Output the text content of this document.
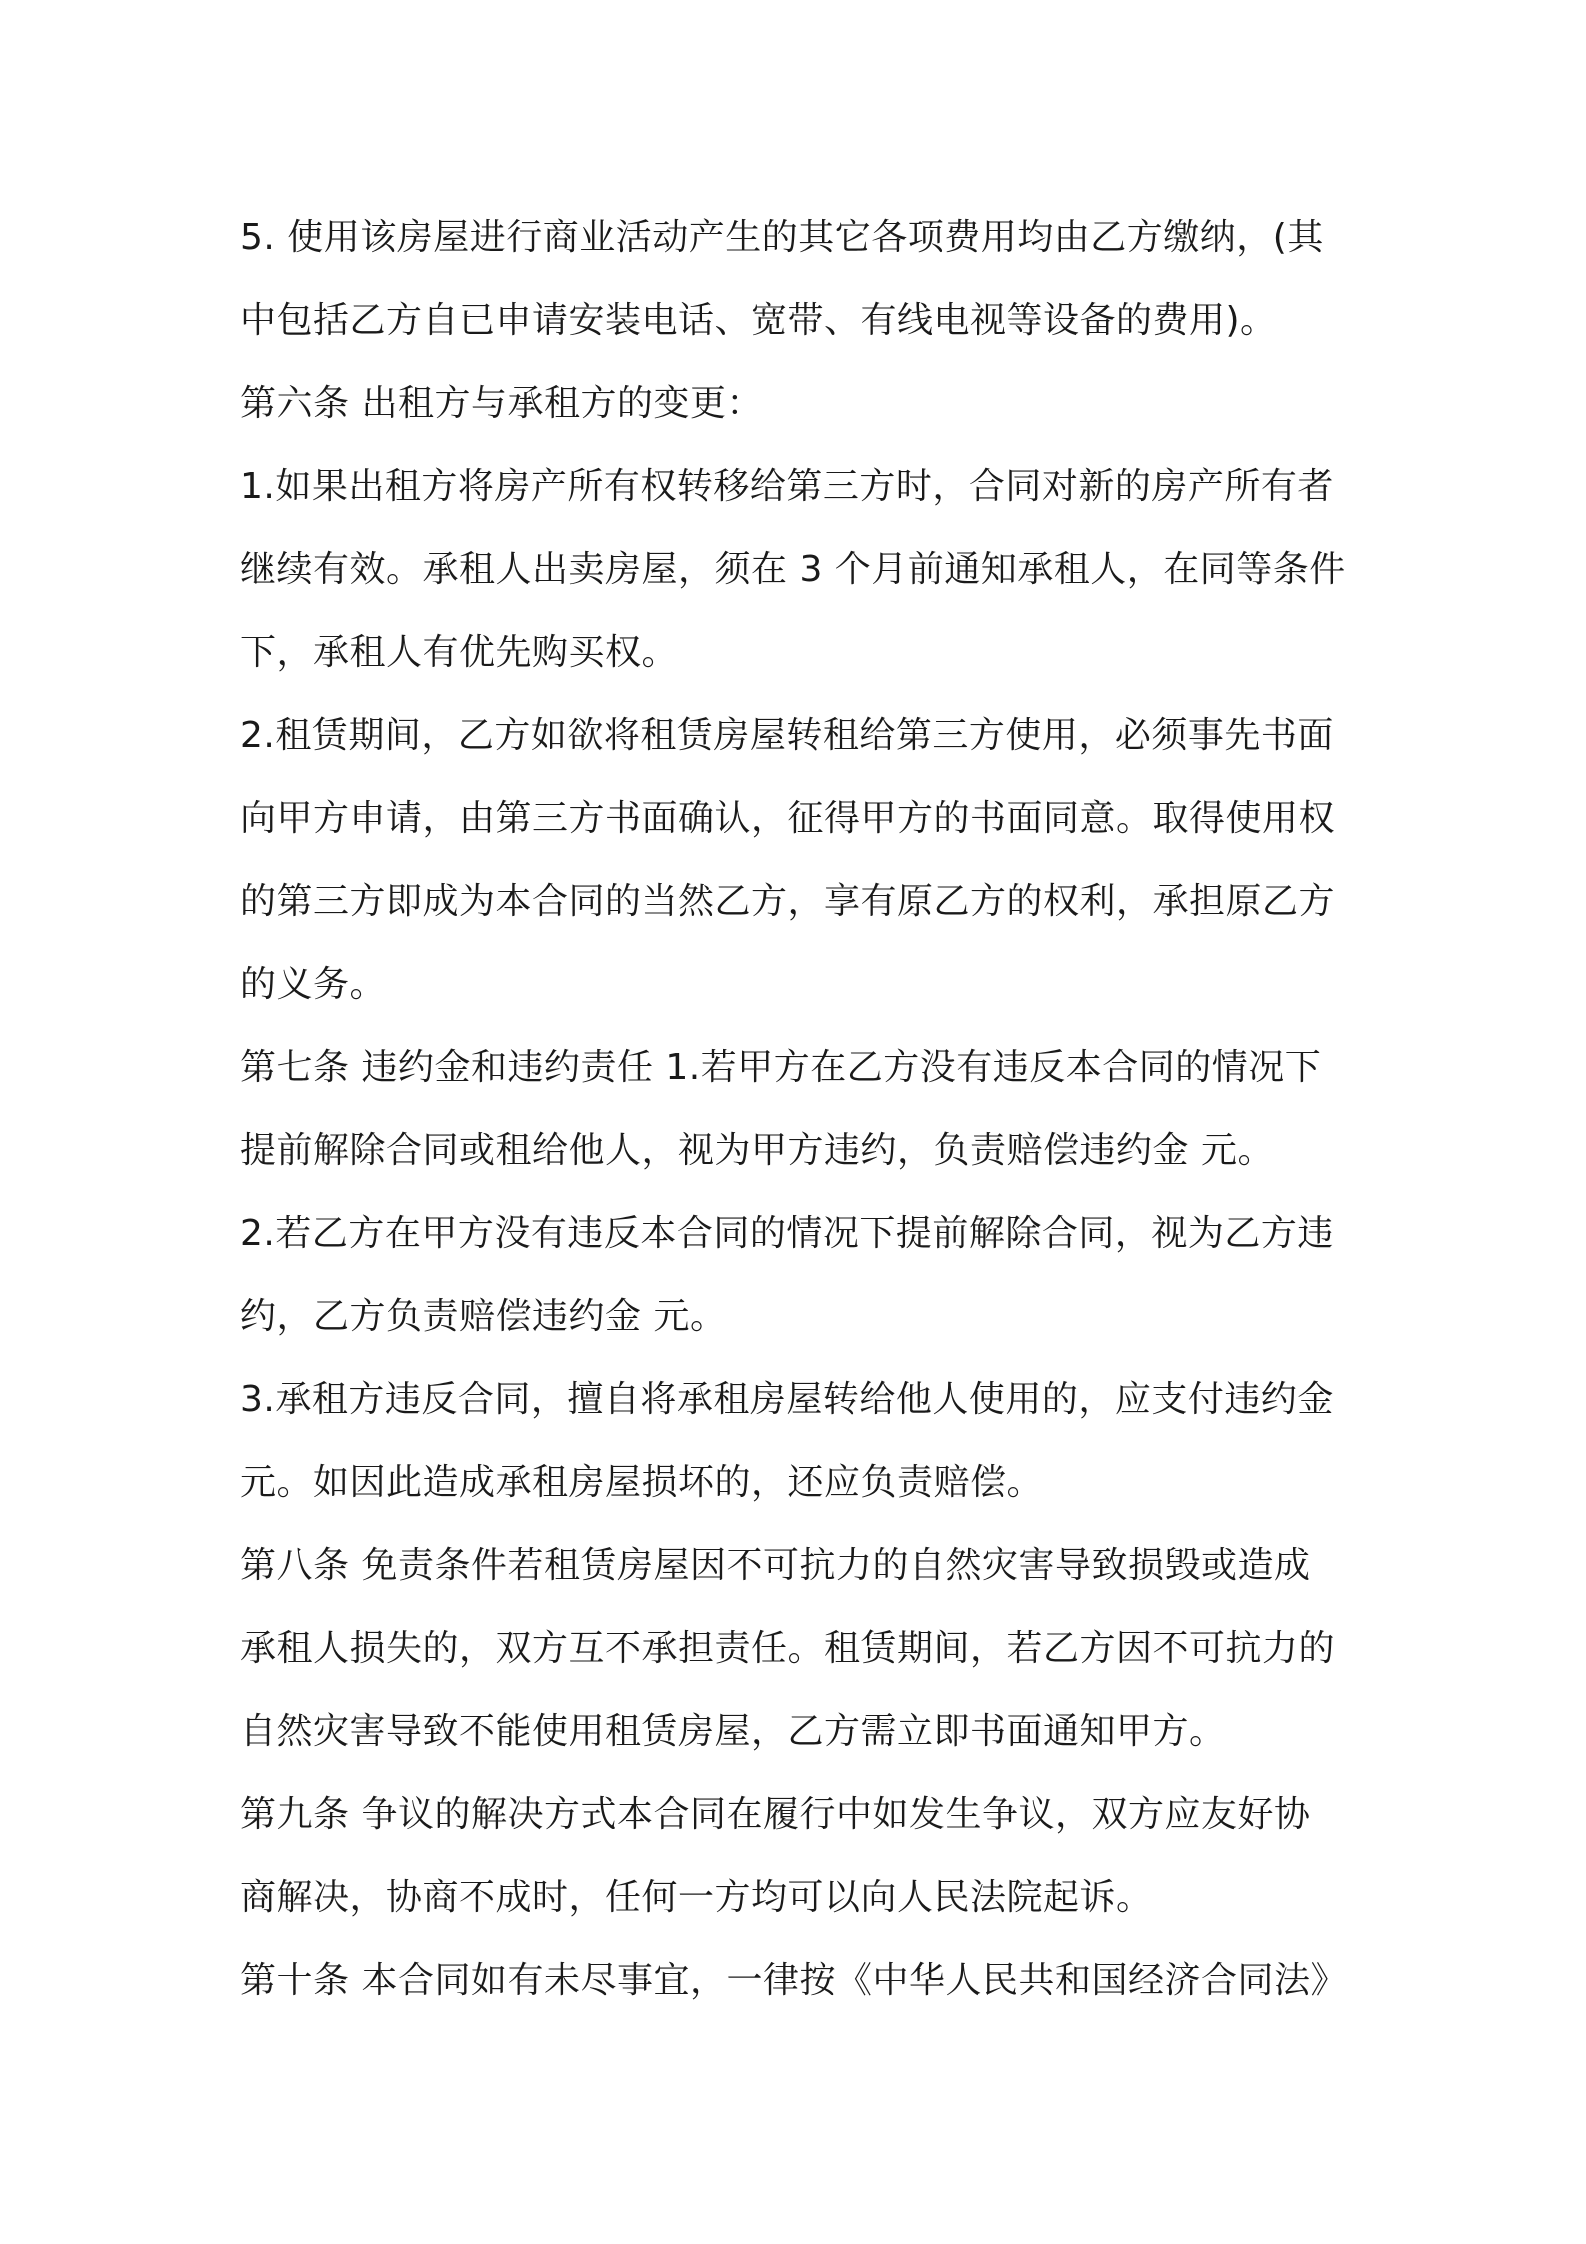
5. 使用该房屋进行商业活动产生的其它各项费用均由乙方缴纳，(其
中包括乙方自已申请安装电话、宽带、有线电视等设备的费用)。
第六条 出租方与承租方的变更：
1.如果出租方将房产所有权转移给第三方时，合同对新的房产所有者
继续有效。承租人出卖房屋，须在 3 个月前通知承租人，在同等条件
下，承租人有优先购买权。
2.租赁期间，乙方如欲将租赁房屋转租给第三方使用，必须事先书面
向甲方申请，由第三方书面确认，征得甲方的书面同意。取得使用权
的第三方即成为本合同的当然乙方，享有原乙方的权利，承担原乙方
的义务。
第七条 违约金和违约责任 1.若甲方在乙方没有违反本合同的情况下
提前解除合同或租给他人，视为甲方违约，负责赔偿违约金 元。
2.若乙方在甲方没有违反本合同的情况下提前解除合同，视为乙方违
约，乙方负责赔偿违约金 元。
3.承租方违反合同，擅自将承租房屋转给他人使用的，应支付违约金
元。如因此造成承租房屋损坏的，还应负责赔偿。
第八条 免责条件若租赁房屋因不可抗力的自然灾害导致损毁或造成
承租人损失的，双方互不承担责任。租赁期间，若乙方因不可抗力的
自然灾害导致不能使用租赁房屋，乙方需立即书面通知甲方。
第九条 争议的解决方式本合同在履行中如发生争议，双方应友好协
商解决，协商不成时，任何一方均可以向人民法院起诉。
第十条 本合同如有未尽事宜，一律按《中华人民共和国经济合同法》
